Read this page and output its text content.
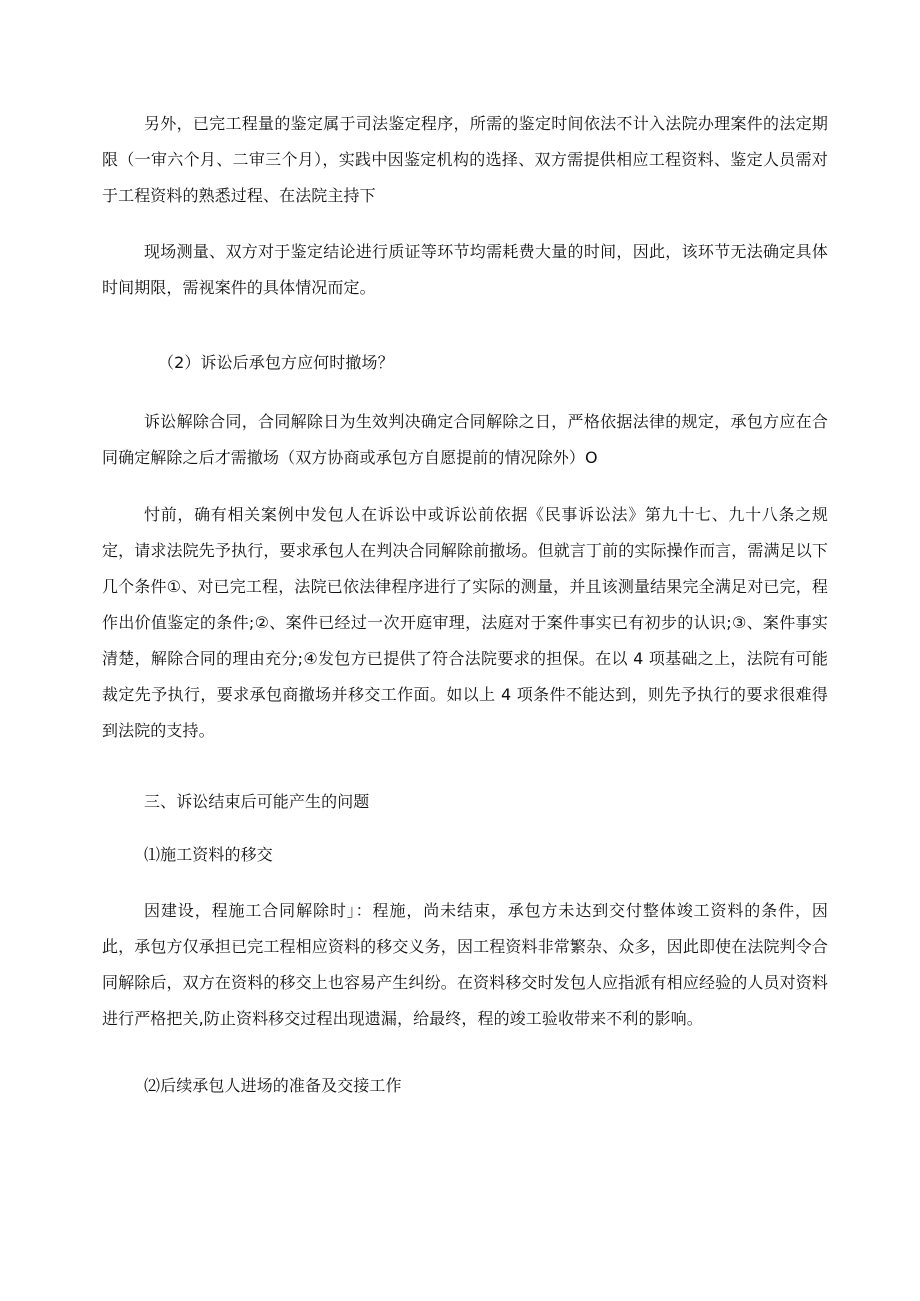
另外，已完工程量的鉴定属于司法鉴定程序，所需的鉴定时间依法不计入法院办理案件的法定期限（一审六个月、二审三个月），实践中因鉴定机构的选择、双方需提供相应工程资料、鉴定人员需对于工程资料的熟悉过程、在法院主持下

现场测量、双方对于鉴定结论进行质证等环节均需耗费大量的时间，因此，该环节无法确定具体时间期限，需视案件的具体情况而定。

（2）诉讼后承包方应何时撤场？

诉讼解除合同，合同解除日为生效判决确定合同解除之日，严格依据法律的规定，承包方应在合同确定解除之后才需撤场（双方协商或承包方自愿提前的情况除外）O

忖前，确有相关案例中发包人在诉讼中或诉讼前依据《民事诉讼法》第九十七、九十八条之规定，请求法院先予执行，要求承包人在判决合同解除前撤场。但就言丁前的实际操作而言，需满足以下几个条件①、对已完工程，法院已依法律程序进行了实际的测量，并且该测量结果完全满足对已完，程作出价值鉴定的条件;②、案件已经过一次开庭审理，法庭对于案件事实已有初步的认识;③、案件事实清楚，解除合同的理由充分;④发包方已提供了符合法院要求的担保。在以 4 项基础之上，法院有可能裁定先予执行，要求承包商撤场并移交工作面。如以上 4 项条件不能达到，则先予执行的要求很难得到法院的支持。

三、诉讼结束后可能产生的问题

⑴施工资料的移交

因建设，程施工合同解除时」：程施，尚未结束，承包方未达到交付整体竣工资料的条件，因此，承包方仅承担已完工程相应资料的移交义务，因工程资料非常繁杂、众多，因此即使在法院判令合同解除后，双方在资料的移交上也容易产生纠纷。在资料移交时发包人应指派有相应经验的人员对资料进行严格把关,防止资料移交过程出现遗漏，给最终，程的竣工验收带来不利的影响。

⑵后续承包人进场的准备及交接工作
